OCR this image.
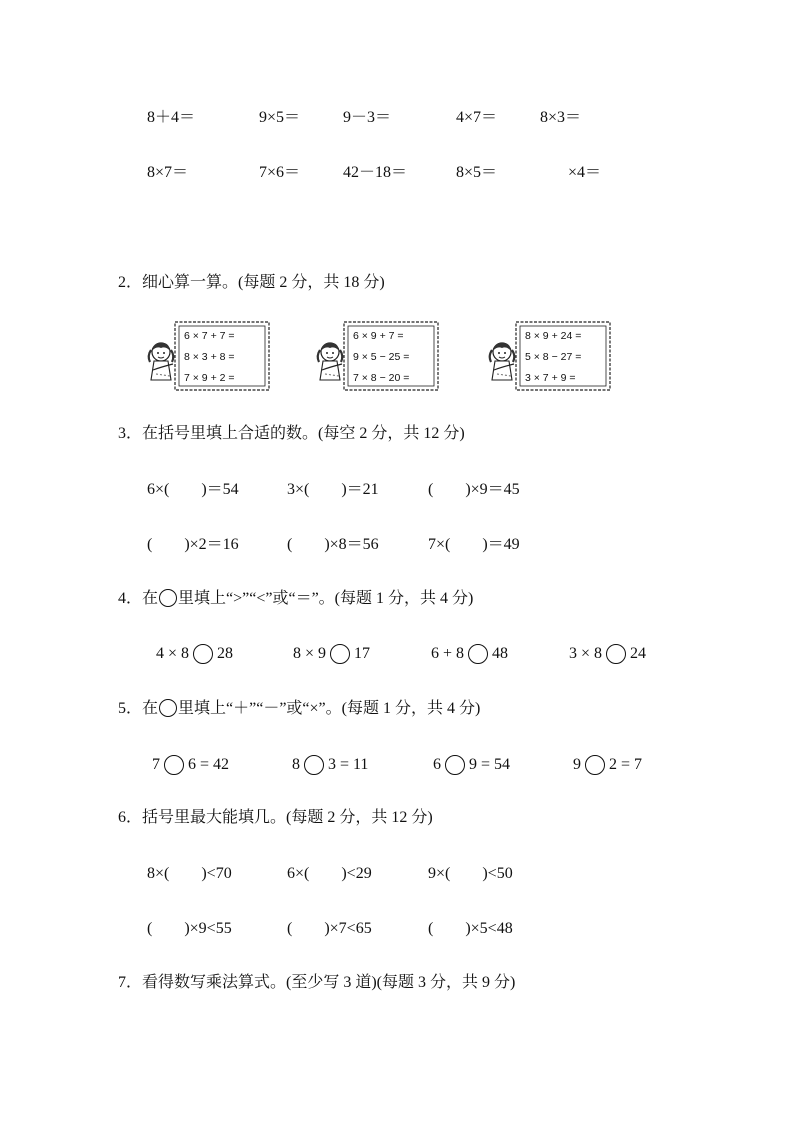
8＋4＝	9×5＝	9－3＝	4×7＝	8×3＝
8×7＝	7×6＝	42－18＝	8×5＝	×4＝
2．细心算一算。(每题 2 分，共 18 分)
6 × 7 + 7 =
8 × 3 + 8 =
7 × 9 + 2 =
6 × 9 + 7 =
9 × 5 − 25 =
7 × 8 − 20 =
8 × 9 + 24 =
5 × 8 − 27 =
3 × 7 + 9 =
3．在括号里填上合适的数。(每空 2 分，共 12 分)
6×(　　)＝54	3×(　　)＝21	(　　)×9＝45
(　　)×2＝16	(　　)×8＝56	7×(　　)＝49
4．在 里填上“>”“<”或“＝”。(每题 1 分，共 4 分)
4 × 8 28	8 × 9 17	6 + 8 48	3 × 8 24
5．在 里填上“＋”“－”或“×”。(每题 1 分，共 4 分)
7 6 = 42	8 3 = 11	6 9 = 54	9 2 = 7
6．括号里最大能填几。(每题 2 分，共 12 分)
8×(　　)<70	6×(　　)<29	9×(　　)<50
(　　)×9<55	(　　)×7<65	(　　)×5<48
7．看得数写乘法算式。(至少写 3 道)(每题 3 分，共 9 分)
